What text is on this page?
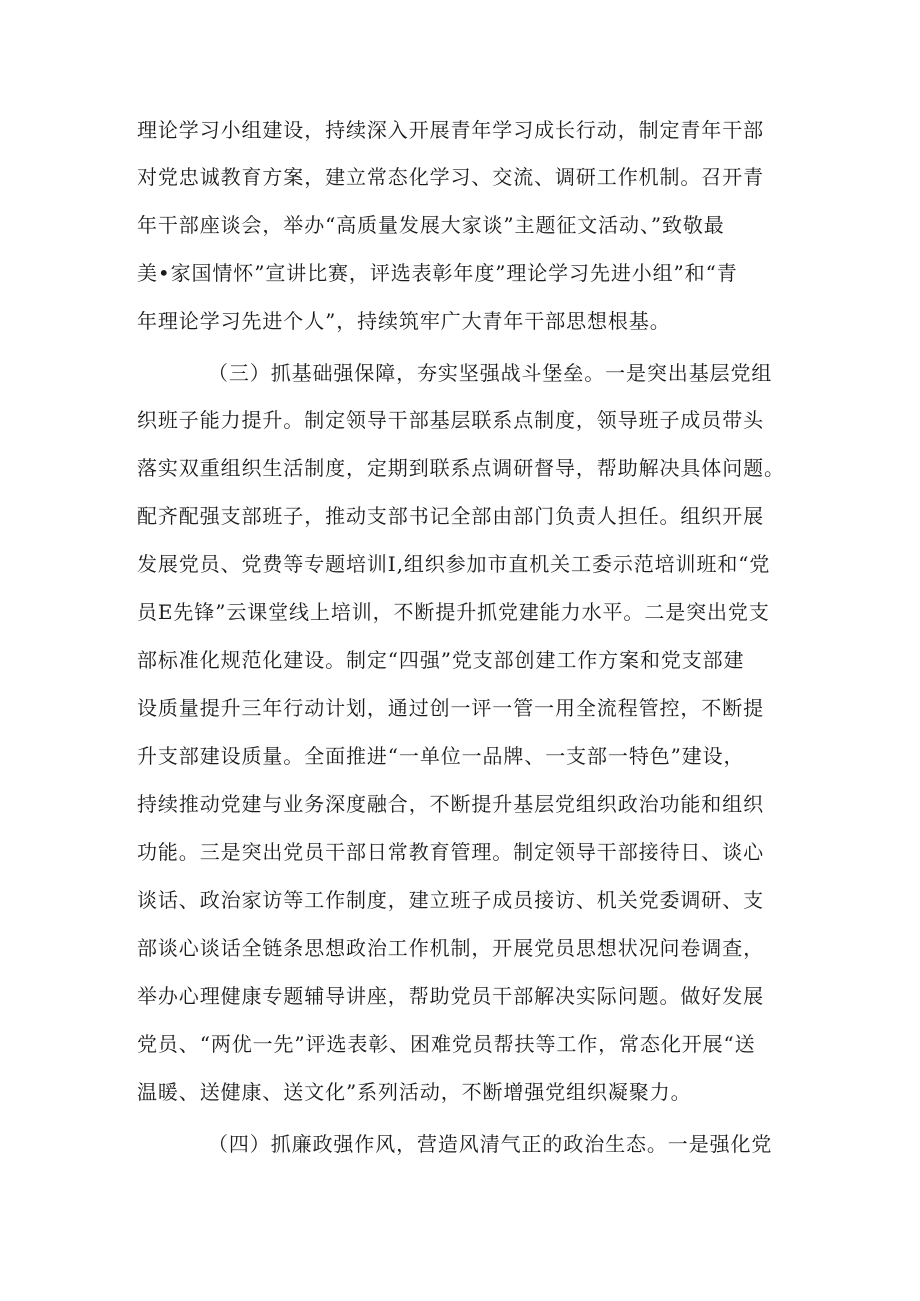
理论学习小组建设，持续深入开展青年学习成长行动，制定青年干部

对党忠诚教育方案，建立常态化学习、交流、调研工作机制。召开青

年干部座谈会，举办“高质量发展大家谈”主题征文活动、”致敬最

美•家国情怀”宣讲比赛，评选表彰年度”理论学习先进小组”和“青

年理论学习先进个人”，持续筑牢广大青年干部思想根基。

（三）抓基础强保障，夯实坚强战斗堡垒。一是突出基层党组

织班子能力提升。制定领导干部基层联系点制度，领导班子成员带头

落实双重组织生活制度，定期到联系点调研督导，帮助解决具体问题。

配齐配强支部班子，推动支部书记全部由部门负责人担任。组织开展

发展党员、党费等专题培训I,组织参加市直机关工委示范培训班和“党

员E先锋”云课堂线上培训，不断提升抓党建能力水平。二是突出党支

部标准化规范化建设。制定“四强”党支部创建工作方案和党支部建

设质量提升三年行动计划，通过创一评一管一用全流程管控，不断提

升支部建设质量。全面推进“一单位一品牌、一支部一特色”建设，

持续推动党建与业务深度融合，不断提升基层党组织政治功能和组织

功能。三是突出党员干部日常教育管理。制定领导干部接待日、谈心

谈话、政治家访等工作制度，建立班子成员接访、机关党委调研、支

部谈心谈话全链条思想政治工作机制，开展党员思想状况问卷调查，

举办心理健康专题辅导讲座，帮助党员干部解决实际问题。做好发展

党员、“两优一先”评选表彰、困难党员帮扶等工作，常态化开展“送

温暖、送健康、送文化”系列活动，不断增强党组织凝聚力。

（四）抓廉政强作风，营造风清气正的政治生态。一是强化党
